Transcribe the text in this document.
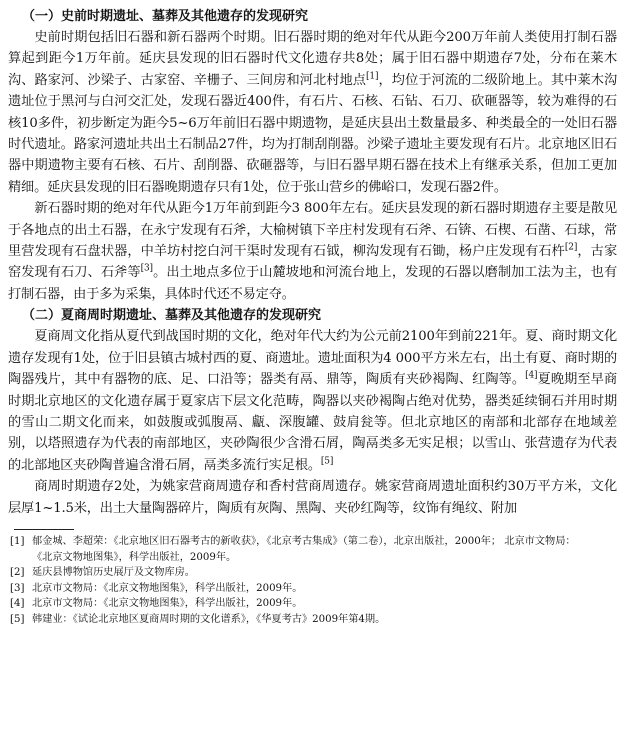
（一）史前时期遗址、墓葬及其他遗存的发现研究

史前时期包括旧石器和新石器两个时期。旧石器时期的绝对年代从距今200万年前人类使用打制石器算起到距今1万年前。延庆县发现的旧石器时代文化遗存共8处；属于旧石器中期遗存7处，分布在莱木沟、路家河、沙梁子、古家窑、辛栅子、三间房和河北村地点[1]，均位于河流的二级阶地上。其中莱木沟遗址位于黑河与白河交汇处，发现石器近400件，有石片、石核、石钻、石刀、砍砸器等，较为难得的石核10多件，初步断定为距今5~6万年前旧石器中期遗物，是延庆县出土数量最多、种类最全的一处旧石器时代遗址。路家河遗址共出土石制品27件，均为打制刮削器。沙梁子遗址主要发现有石片。北京地区旧石器中期遗物主要有石核、石片、刮削器、砍砸器等，与旧石器早期石器在技术上有继承关系，但加工更加精细。延庆县发现的旧石器晚期遗存只有1处，位于张山营乡的佛峪口，发现石器2件。

新石器时期的绝对年代从距今1万年前到距今3 800年左右。延庆县发现的新石器时期遗存主要是散见于各地点的出土石器，在永宁发现有石斧，大榆树镇下辛庄村发现有石斧、石锛、石楔、石凿、石球，常里营发现有石盘状器，中羊坊村挖白河干渠时发现有石钺，柳沟发现有石锄，杨户庄发现有石杵[2]，古家窑发现有石刀、石斧等[3]。出土地点多位于山麓坡地和河流台地上，发现的石器以磨制加工法为主，也有打制石器，由于多为采集，具体时代还不易定夺。

（二）夏商周时期遗址、墓葬及其他遗存的发现研究

夏商周文化指从夏代到战国时期的文化，绝对年代大约为公元前2100年到前221年。夏、商时期文化遗存发现有1处，位于旧县镇古城村西的夏、商遗址。遗址面积为4 000平方米左右，出土有夏、商时期的陶器残片，其中有器物的底、足、口沿等；器类有鬲、鼎等，陶质有夹砂褐陶、红陶等。[4]夏晚期至早商时期北京地区的文化遗存属于夏家店下层文化范畴，陶器以夹砂褐陶占绝对优势，器类延续铜石并用时期的雪山二期文化而来，如鼓腹或弧腹鬲、甗、深腹罐、鼓肩瓮等。但北京地区的南部和北部存在地域差别，以塔照遗存为代表的南部地区，夹砂陶很少含滑石屑，陶鬲类多无实足根；以雪山、张营遗存为代表的北部地区夹砂陶普遍含滑石屑，鬲类多流行实足根。[5]

商周时期遗存2处，为姚家营商周遗存和香村营商周遗存。姚家营商周遗址面积约30万平方米，文化层厚1~1.5米，出土大量陶器碎片，陶质有灰陶、黑陶、夹砂红陶等，纹饰有绳纹、附加

[1] 郁金城、李超荣：《北京地区旧石器考古的新收获》，《北京考古集成》（第二卷），北京出版社，2000年； 北京市文物局：
《北京文物地图集》，科学出版社，2009年。
[2] 延庆县博物馆历史展厅及文物库房。
[3] 北京市文物局：《北京文物地图集》，科学出版社，2009年。
[4] 北京市文物局：《北京文物地图集》，科学出版社，2009年。
[5] 韩建业：《试论北京地区夏商周时期的文化谱系》，《华夏考古》2009年第4期。
